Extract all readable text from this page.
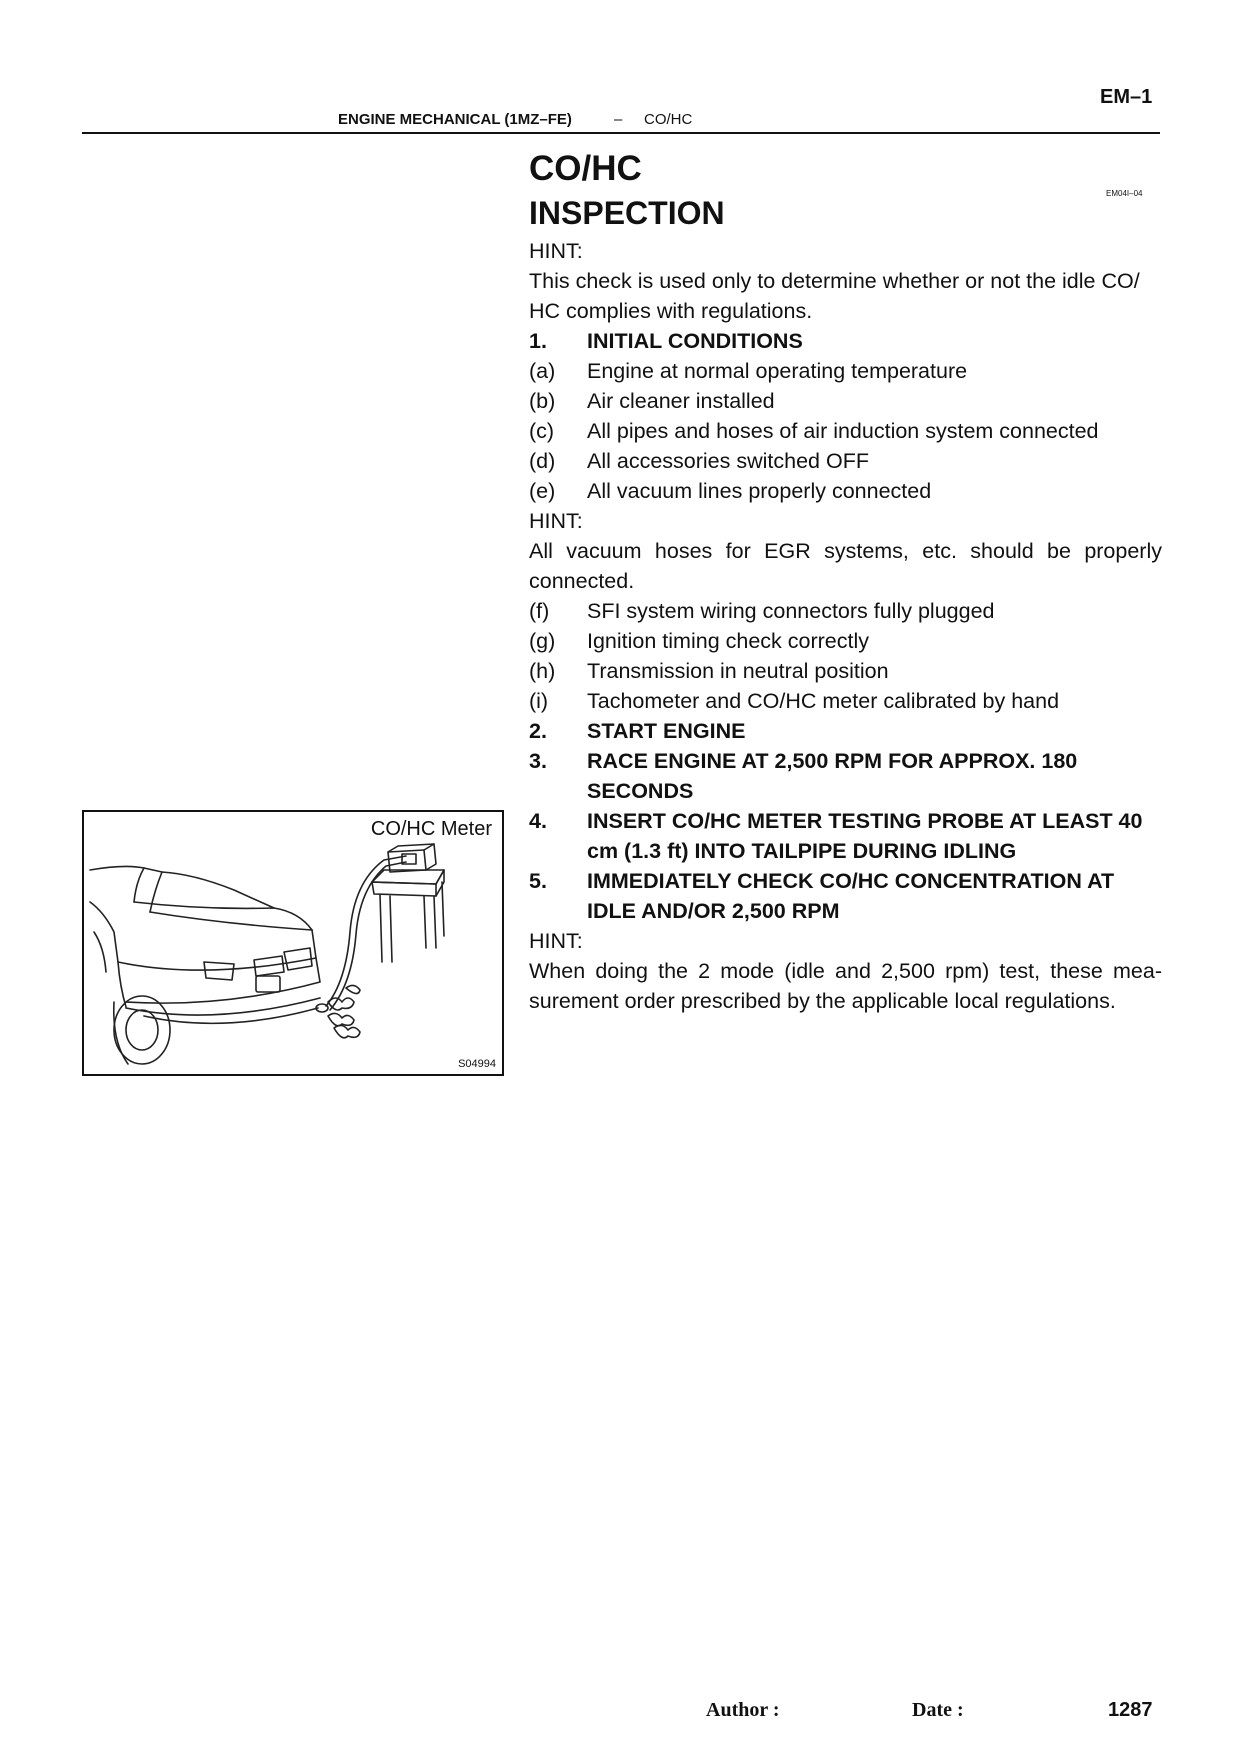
EM–1
ENGINE MECHANICAL (1MZ–FE)	– CO/HC
CO/HC
INSPECTION
EM04I–04
HINT:
This check is used only to determine whether or not the idle CO/ HC complies with regulations.
1. INITIAL CONDITIONS
(a) Engine at normal operating temperature
(b) Air cleaner installed
(c) All pipes and hoses of air induction system connected
(d) All accessories switched OFF
(e) All vacuum lines properly connected
HINT:
All vacuum hoses for EGR systems, etc. should be properly connected.
(f) SFI system wiring connectors fully plugged
(g) Ignition timing check correctly
(h) Transmission in neutral position
(i) Tachometer and CO/HC meter calibrated by hand
2. START ENGINE
3. RACE ENGINE AT 2,500 RPM FOR APPROX. 180 SECONDS
4. INSERT CO/HC METER TESTING PROBE AT LEAST 40 cm (1.3 ft) INTO TAILPIPE DURING IDLING
5. IMMEDIATELY CHECK CO/HC CONCENTRATION AT IDLE AND/OR 2,500 RPM
HINT:
When doing the 2 mode (idle and 2,500 rpm) test, these mea- surement order prescribed by the applicable local regulations.
CO/HC Meter
S04994
Author :	Date :	1287
